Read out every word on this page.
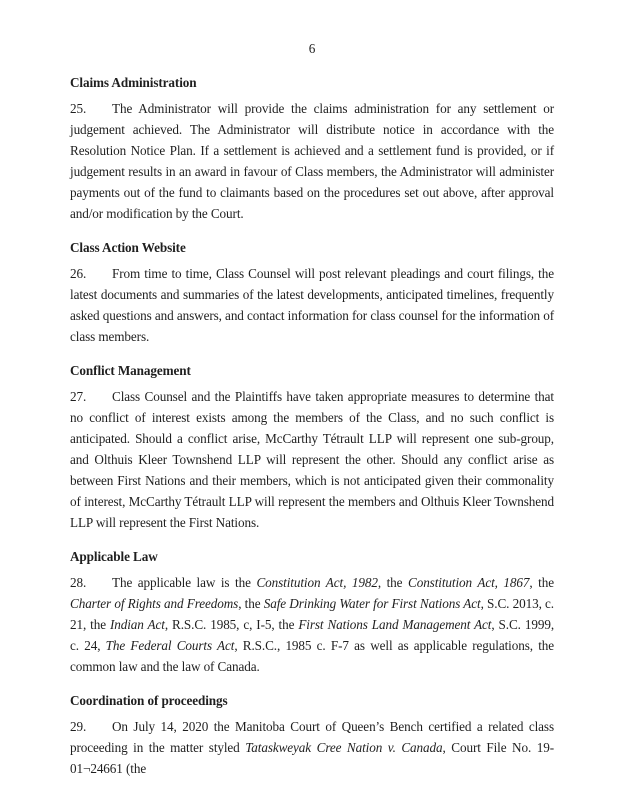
6
Claims Administration

25. The Administrator will provide the claims administration for any settlement or judgement achieved. The Administrator will distribute notice in accordance with the Resolution Notice Plan. If a settlement is achieved and a settlement fund is provided, or if judgement results in an award in favour of Class members, the Administrator will administer payments out of the fund to claimants based on the procedures set out above, after approval and/or modification by the Court.

Class Action Website

26. From time to time, Class Counsel will post relevant pleadings and court filings, the latest documents and summaries of the latest developments, anticipated timelines, frequently asked questions and answers, and contact information for class counsel for the information of class members.

Conflict Management

27. Class Counsel and the Plaintiffs have taken appropriate measures to determine that no conflict of interest exists among the members of the Class, and no such conflict is anticipated. Should a conflict arise, McCarthy Tétrault LLP will represent one sub-group, and Olthuis Kleer Townshend LLP will represent the other. Should any conflict arise as between First Nations and their members, which is not anticipated given their commonality of interest, McCarthy Tétrault LLP will represent the members and Olthuis Kleer Townshend LLP will represent the First Nations.

Applicable Law

28. The applicable law is the Constitution Act, 1982, the Constitution Act, 1867, the Charter of Rights and Freedoms, the Safe Drinking Water for First Nations Act, S.C. 2013, c. 21, the Indian Act, R.S.C. 1985, c, I-5, the First Nations Land Management Act, S.C. 1999, c. 24, The Federal Courts Act, R.S.C., 1985 c. F-7 as well as applicable regulations, the common law and the law of Canada.

Coordination of proceedings

29. On July 14, 2020 the Manitoba Court of Queen’s Bench certified a related class proceeding in the matter styled Tataskweyak Cree Nation v. Canada, Court File No. 19-01¬24661 (the
